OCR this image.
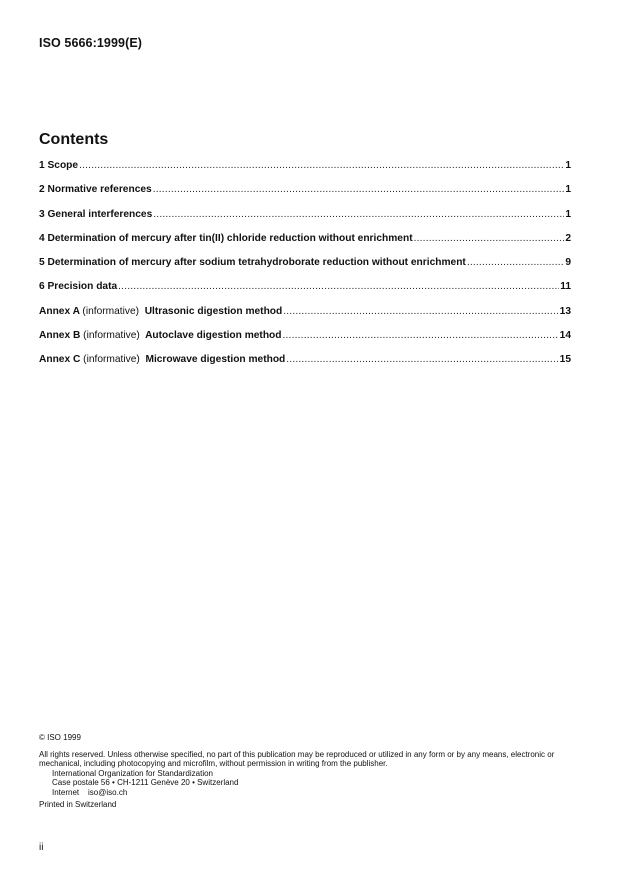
ISO 5666:1999(E)
Contents
1 Scope .....	1
2 Normative references .....	1
3 General interferences .....	1
4 Determination of mercury after tin(II) chloride reduction without enrichment .....	2
5 Determination of mercury after sodium tetrahydroborate reduction without enrichment .....	9
6 Precision data .....	11
Annex A (informative) Ultrasonic digestion method .....	13
Annex B (informative) Autoclave digestion method .....	14
Annex C (informative) Microwave digestion method .....	15
© ISO 1999
All rights reserved. Unless otherwise specified, no part of this publication may be reproduced or utilized in any form or by any means, electronic or mechanical, including photocopying and microfilm, without permission in writing from the publisher.
International Organization for Standardization
Case postale 56 • CH-1211 Genève 20 • Switzerland
Internet iso@iso.ch
Printed in Switzerland
ii
